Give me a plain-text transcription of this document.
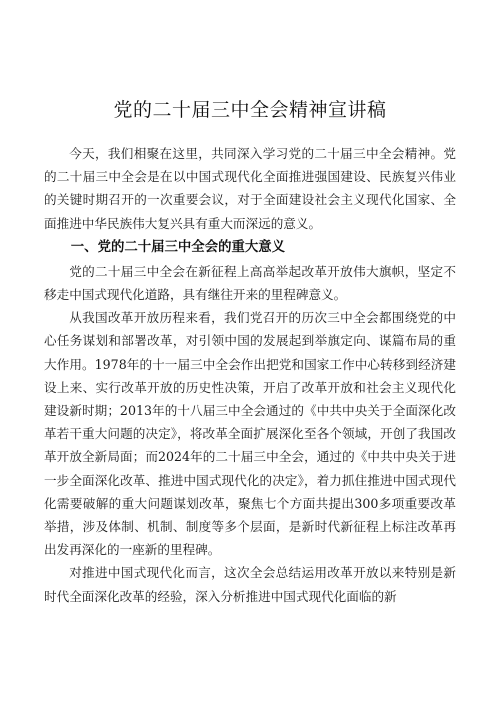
党的二十届三中全会精神宣讲稿

今天，我们相聚在这里，共同深入学习党的二十届三中全会精神。党的二十届三中全会是在以中国式现代化全面推进强国建设、民族复兴伟业的关键时期召开的一次重要会议，对于全面建设社会主义现代化国家、全面推进中华民族伟大复兴具有重大而深远的意义。

一、党的二十届三中全会的重大意义

党的二十届三中全会在新征程上高高举起改革开放伟大旗帜，坚定不移走中国式现代化道路，具有继往开来的里程碑意义。

从我国改革开放历程来看，我们党召开的历次三中全会都围绕党的中心任务谋划和部署改革，对引领中国的发展起到举旗定向、谋篇布局的重大作用。1978年的十一届三中全会作出把党和国家工作中心转移到经济建设上来、实行改革开放的历史性决策，开启了改革开放和社会主义现代化建设新时期；2013年的十八届三中全会通过的《中共中央关于全面深化改革若干重大问题的决定》，将改革全面扩展深化至各个领域，开创了我国改革开放全新局面；而2024年的二十届三中全会，通过的《中共中央关于进一步全面深化改革、推进中国式现代化的决定》，着力抓住推进中国式现代化需要破解的重大问题谋划改革，聚焦七个方面共提出300多项重要改革举措，涉及体制、机制、制度等多个层面，是新时代新征程上标注改革再出发再深化的一座新的里程碑。

对推进中国式现代化而言，这次全会总结运用改革开放以来特别是新时代全面深化改革的经验，深入分析推进中国式现代化面临的新
